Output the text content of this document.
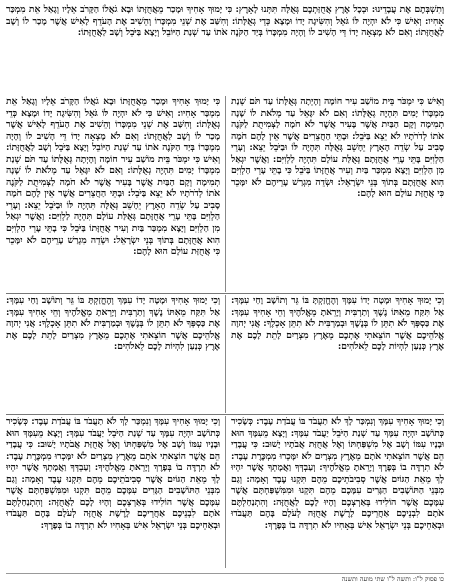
וְתִשְׁבְּתֶם אֶת עֲבָדֵינוּ: וּבְכָל אֶרֶץ אֲחֻזַּתְכֶם גְּאֻלָּה תִּתְּנוּ לָאָרֶץ: כִּי יָמוּךְ אָחִיךָ וּמָכַר מֵאֲחֻזָּתוֹ וּבָא גֹאֲלוֹ הַקָּרֹב אֵלָיו וְגָאַל אֵת מִמְכַּר אָחִיו: וְאִישׁ כִּי לֹא יִהְיֶה לּוֹ גֹּאֵל וְהִשִּׂיגָה יָדוֹ וּמָצָא כְּדֵי גְאֻלָּתוֹ: וְחִשַּׁב אֶת שְׁנֵי מִמְכָּרוֹ וְהֵשִׁיב אֶת הָעֹדֵף לָאִישׁ אֲשֶׁר מָכַר לוֹ וְשָׁב לַאֲחֻזָּתוֹ: וְאִם לֹא מָצְאָה יָדוֹ דֵּי הָשִׁיב לוֹ וְהָיָה מִמְכָּרוֹ בְּיַד הַקֹּנֶה אֹתוֹ עַד שְׁנַת הַיּוֹבֵל וְיָצָא בַּיֹּבֵל וְשָׁב לַאֲחֻזָּתוֹ:
וְאִישׁ כִּי יִמְכֹּר בֵּית מוֹשַׁב עִיר חוֹמָה וְהָיְתָה גְּאֻלָּתוֹ עַד תֹּם שְׁנַת מִמְכָּרוֹ יָמִים תִּהְיֶה גְאֻלָּתוֹ: וְאִם לֹא יִגָּאֵל עַד מְלֹאת לוֹ שָׁנָה תְמִימָה וְקָם הַבַּיִת אֲשֶׁר בָּעִיר אֲשֶׁר לֹא חֹמָה לַצְּמִיתֻת לַקֹּנֶה אֹתוֹ לְדֹרֹתָיו לֹא יֵצֵא בַּיֹּבֵל: וּבָתֵּי הַחֲצֵרִים אֲשֶׁר אֵין לָהֶם חֹמָה סָבִיב עַל שְׂדֵה הָאָרֶץ יֵחָשֵׁב גְּאֻלָּה תִּהְיֶה לּוֹ וּבַיֹּבֵל יֵצֵא: וְעָרֵי הַלְוִיִּם בָּתֵּי עָרֵי אֲחֻזָּתָם גְּאֻלַּת עוֹלָם תִּהְיֶה לַלְוִיִּם: וַאֲשֶׁר יִגְאַל מִן הַלְוִיִּם וְיָצָא מִמְכַּר בַּיִת וְעִיר אֲחֻזָּתוֹ בַּיֹּבֵל כִּי בָתֵּי עָרֵי הַלְוִיִּם הִוא אֲחֻזָּתָם בְּתוֹךְ בְּנֵי יִשְׂרָאֵל: וּשְׂדֵה מִגְרַשׁ עָרֵיהֶם לֹא יִמָּכֵר כִּי אֲחֻזַּת עוֹלָם הוּא לָהֶם:
כִּי יָמוּךְ אָחִיךָ וּמָכַר מֵאֲחֻזָּתוֹ וּבָא גֹאֲלוֹ הַקָּרֹב אֵלָיו וְגָאַל אֵת מִמְכַּר אָחִיו: וְאִישׁ כִּי לֹא יִהְיֶה לּוֹ גֹּאֵל וְהִשִּׂיגָה יָדוֹ וּמָצָא כְּדֵי גְאֻלָּתוֹ: וְחִשַּׁב אֶת שְׁנֵי מִמְכָּרוֹ וְהֵשִׁיב אֶת הָעֹדֵף לָאִישׁ אֲשֶׁר מָכַר לוֹ וְשָׁב לַאֲחֻזָּתוֹ: וְאִם לֹא מָצְאָה יָדוֹ דֵּי הָשִׁיב לוֹ וְהָיָה מִמְכָּרוֹ בְּיַד הַקֹּנֶה אֹתוֹ עַד שְׁנַת הַיּוֹבֵל וְיָצָא בַּיֹּבֵל וְשָׁב לַאֲחֻזָּתוֹ: וְאִישׁ כִּי יִמְכֹּר בֵּית מוֹשַׁב עִיר חוֹמָה וְהָיְתָה גְּאֻלָּתוֹ עַד תֹּם שְׁנַת מִמְכָּרוֹ יָמִים תִּהְיֶה גְאֻלָּתוֹ: וְאִם לֹא יִגָּאֵל עַד מְלֹאת לוֹ שָׁנָה תְמִימָה וְקָם הַבַּיִת אֲשֶׁר בָּעִיר אֲשֶׁר לֹא חֹמָה לַצְּמִיתֻת לַקֹּנֶה אֹתוֹ לְדֹרֹתָיו לֹא יֵצֵא בַּיֹּבֵל: וּבָתֵּי הַחֲצֵרִים אֲשֶׁר אֵין לָהֶם חֹמָה סָבִיב עַל שְׂדֵה הָאָרֶץ יֵחָשֵׁב גְּאֻלָּה תִּהְיֶה לּוֹ וּבַיֹּבֵל יֵצֵא: וְעָרֵי הַלְוִיִּם בָּתֵּי עָרֵי אֲחֻזָּתָם גְּאֻלַּת עוֹלָם תִּהְיֶה לַלְוִיִּם: וַאֲשֶׁר יִגְאַל מִן הַלְוִיִּם וְיָצָא מִמְכַּר בַּיִת וְעִיר אֲחֻזָּתוֹ בַּיֹּבֵל כִּי בָתֵּי עָרֵי הַלְוִיִּם הִוא אֲחֻזָּתָם בְּתוֹךְ בְּנֵי יִשְׂרָאֵל: וּשְׂדֵה מִגְרַשׁ עָרֵיהֶם לֹא יִמָּכֵר כִּי אֲחֻזַּת עוֹלָם הוּא לָהֶם:
וְכִי יָמוּךְ אָחִיךָ וּמָטָה יָדוֹ עִמָּךְ וְהֶחֱזַקְתָּ בּוֹ גֵּר וְתוֹשָׁב וָחַי עִמָּךְ: אַל תִּקַּח מֵאִתּוֹ נֶשֶׁךְ וְתַרְבִּית וְיָרֵאתָ מֵאֱלֹהֶיךָ וְחֵי אָחִיךָ עִמָּךְ: אֶת כַּסְפְּךָ לֹא תִתֵּן לוֹ בְּנֶשֶׁךְ וּבְמַרְבִּית לֹא תִתֵּן אָכְלֶךָ: אֲנִי יְהוָה אֱלֹהֵיכֶם אֲשֶׁר הוֹצֵאתִי אֶתְכֶם מֵאֶרֶץ מִצְרָיִם לָתֵת לָכֶם אֶת אֶרֶץ כְּנַעַן לִהְיוֹת לָכֶם לֵאלֹהִים:
וְכִי יָמוּךְ אָחִיךָ וּמָטָה יָדוֹ עִמָּךְ וְהֶחֱזַקְתָּ בּוֹ גֵּר וְתוֹשָׁב וָחַי עִמָּךְ: אַל תִּקַּח מֵאִתּוֹ נֶשֶׁךְ וְתַרְבִּית וְיָרֵאתָ מֵאֱלֹהֶיךָ וְחֵי אָחִיךָ עִמָּךְ: אֶת כַּסְפְּךָ לֹא תִתֵּן לוֹ בְּנֶשֶׁךְ וּבְמַרְבִּית לֹא תִתֵּן אָכְלֶךָ: אֲנִי יְהוָה אֱלֹהֵיכֶם אֲשֶׁר הוֹצֵאתִי אֶתְכֶם מֵאֶרֶץ מִצְרַיִם לָתֵת לָכֶם אֶת אֶרֶץ כְּנַעַן לִהְיוֹת לָכֶם לֵאלֹהִים:
וְכִי יָמוּךְ אָחִיךָ עִמָּךְ וְנִמְכַּר לָךְ לֹא תַעֲבֹד בּוֹ עֲבֹדַת עָבֶד: כְּשָׂכִיר כְּתוֹשָׁב יִהְיֶה עִמָּךְ עַד שְׁנַת הַיֹּבֵל יַעֲבֹד עִמָּךְ: וְיָצָא מֵעִמָּךְ הוּא וּבָנָיו עִמּוֹ וְשָׁב אֶל מִשְׁפַּחְתּוֹ וְאֶל אֲחֻזַּת אֲבֹתָיו יָשׁוּב: כִּי עֲבָדַי הֵם אֲשֶׁר הוֹצֵאתִי אֹתָם מֵאֶרֶץ מִצְרָיִם לֹא יִמָּכְרוּ מִמְכֶּרֶת עָבֶד: לֹא תִרְדֶּה בוֹ בְּפָרֶךְ וְיָרֵאתָ מֵאֱלֹהֶיךָ: וְעַבְדְּךָ וַאֲמָתְךָ אֲשֶׁר יִהְיוּ לָךְ מֵאֵת הַגּוֹיִם אֲשֶׁר סְבִיבֹתֵיכֶם מֵהֶם תִּקְנוּ עֶבֶד וְאָמָה: וְגַם מִבְּנֵי הַתּוֹשָׁבִים הַגָּרִים עִמָּכֶם מֵהֶם תִּקְנוּ וּמִמִּשְׁפַּחְתָּם אֲשֶׁר עִמָּכֶם אֲשֶׁר הוֹלִידוּ בְּאַרְצְכֶם וְהָיוּ לָכֶם לַאֲחֻזָּה: וְהִתְנַחַלְתֶּם אֹתָם לִבְנֵיכֶם אַחֲרֵיכֶם לָרֶשֶׁת אֲחֻזָּה לְעֹלָם בָּהֶם תַּעֲבֹדוּ וּבְאַחֵיכֶם בְּנֵי יִשְׂרָאֵל אִישׁ בְּאָחִיו לֹא תִרְדֶּה בוֹ בְּפָרֶךְ:
וְכִי יָמוּךְ אָחִיךָ עִמָּךְ וְנִמְכַּר לָךְ לֹא תַעֲבֹד בּוֹ עֲבֹדַת עָבֶד: כְּשָׂכִיר כְּתוֹשָׁב יִהְיֶה עִמָּךְ עַד שְׁנַת הַיֹּבֵל יַעֲבֹד עִמָּךְ: וְיָצָא מֵעִמָּךְ הוּא וּבָנָיו עִמּוֹ וְשָׁב אֶל מִשְׁפַּחְתּוֹ וְאֶל אֲחֻזַּת אֲבֹתָיו יָשׁוּב: כִּי עֲבָדַי הֵם אֲשֶׁר הוֹצֵאתִי אֹתָם מֵאֶרֶץ מִצְרַיִם לֹא יִמָּכְרוּ מִמְכֶּרֶת עָבֶד: לֹא תִרְדֶּה בוֹ בְּפָרֶךְ וְיָרֵאתָ מֵאֱלֹהֶיךָ: וְעַבְדְּךָ וַאֲמָתְךָ אֲשֶׁר יִהְיוּ לָךְ מֵאֵת הַגּוֹיִם אֲשֶׁר סְבִיבֹתֵיכֶם מֵהֶם תִּקְנוּ עֶבֶד וְאָמָה: וְגַם מִבְּנֵי הַתּוֹשָׁבִים הַגָּרִים עִמָּכֶם מֵהֶם תִּקְנוּ וּמִמִּשְׁפַּחְתָּם אֲשֶׁר עִמָּכֶם אֲשֶׁר הוֹלִידוּ בְּאַרְצְכֶם וְהָיוּ לָכֶם לַאֲחֻזָּה: וְהִתְנַחַלְתֶּם אֹתָם לִבְנֵיכֶם אַחֲרֵיכֶם לָרֶשֶׁת אֲחֻזָּה לְעֹלָם בָּהֶם תַּעֲבֹדוּ וּבְאַחֵיכֶם בְּנֵי יִשְׂרָאֵל אִישׁ בְּאָחִיו לֹא תִרְדֶּה בוֹ בְּפָרֶךְ:
כו פסוק ל"ו: ותשה ל"ו שתי מועה ותשנה
